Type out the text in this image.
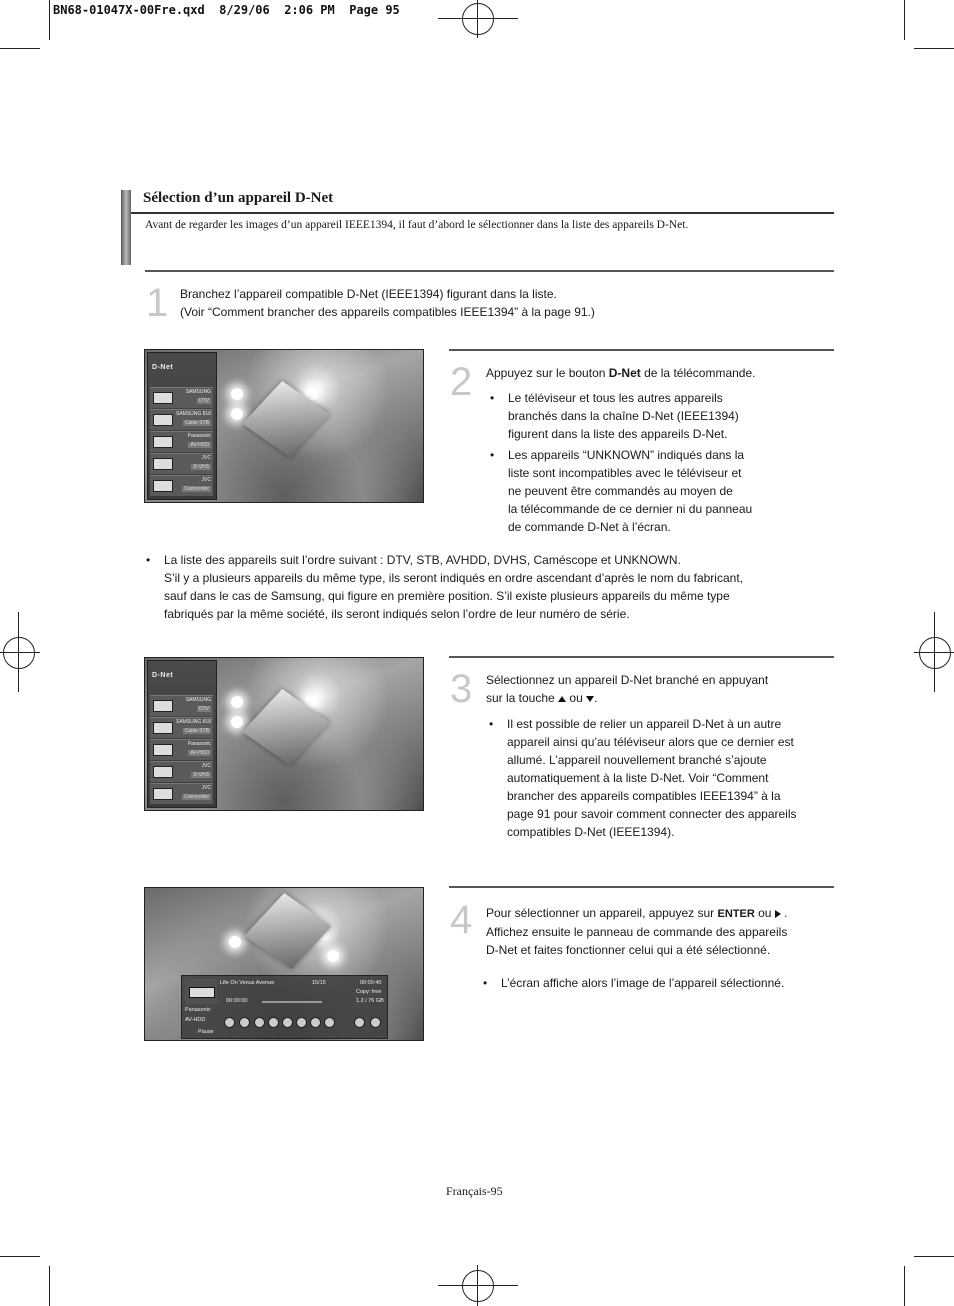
BN68-01047X-00Fre.qxd  8/29/06  2:06 PM  Page 95
Sélection d’un appareil D-Net
Avant de regarder les images d’un appareil IEEE1394, il faut d’abord le sélectionner dans la liste des appareils D-Net.
1 Branchez l’appareil compatible D-Net (IEEE1394) figurant dans la liste.
(Voir “Comment brancher des appareils compatibles IEEE1394” à la page 91.)
D-Net
SAMSUNG
DTV
SAMSUNG 818
Cable STB
Panasonic
AV-HDD
JVC
D-VHS
JVC
Camcorder
2 Appuyez sur le bouton D-Net de la télécommande.
• Le téléviseur et tous les autres appareils
branchés dans la chaîne D-Net (IEEE1394)
figurent dans la liste des appareils D-Net.
• Les appareils “UNKNOWN” indiqués dans la
liste sont incompatibles avec le téléviseur et
ne peuvent être commandés au moyen de
la télécommande de ce dernier ni du panneau
de commande D-Net à l’écran.
• La liste des appareils suit l’ordre suivant : DTV, STB, AVHDD, DVHS, Caméscope et UNKNOWN.
S’il y a plusieurs appareils du même type, ils seront indiqués en ordre ascendant d’après le nom du fabricant,
sauf dans le cas de Samsung, qui figure en première position. S’il existe plusieurs appareils du même type
fabriqués par la même société, ils seront indiqués selon l’ordre de leur numéro de série.
D-Net
SAMSUNG
DTV
SAMSUNG 818
Cable STB
Panasonic
AV-HDD
JVC
D-VHS
JVC
Camcorder
3 Sélectionnez un appareil D-Net branché en appuyant
sur la touche  ou .
• Il est possible de relier un appareil D-Net à un autre
appareil ainsi qu’au téléviseur alors que ce dernier est
allumé. L’appareil nouvellement branché s’ajoute
automatiquement à la liste D-Net. Voir “Comment
brancher des appareils compatibles IEEE1394” à la
page 91 pour savoir comment connecter des appareils
compatibles D-Net (IEEE1394).
Life On Venus Avenue	15/15	00:00:40
Copy: free
00:00:00	1.2 / 76 GB
Panasonic
AV-HDD
Pause
4 Pour sélectionner un appareil, appuyez sur ENTER ou  .
Affichez ensuite le panneau de commande des appareils
D-Net et faites fonctionner celui qui a été sélectionné.
• L’écran affiche alors l’image de l’appareil sélectionné.
Français-95
